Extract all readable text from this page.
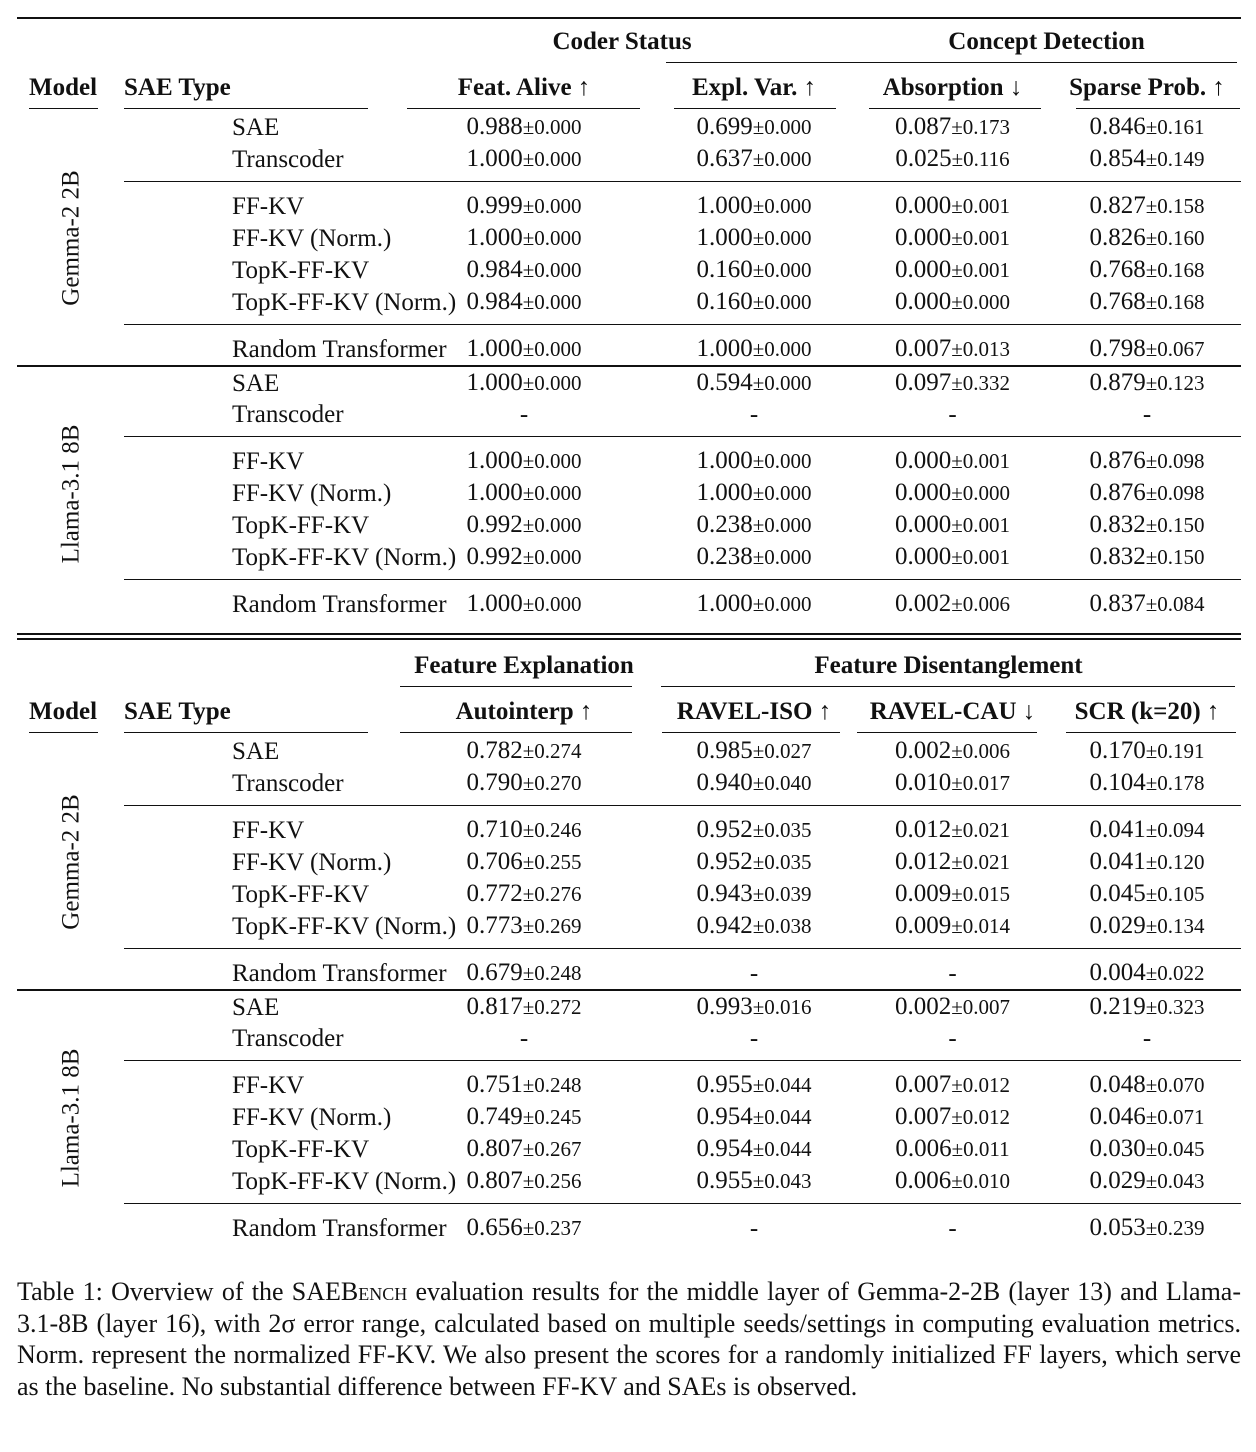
		Coder Status		Concept Detection	

Model	SAE Type	Feat. Alive ↑	Expl. Var. ↑	Absorption ↓	Sparse Prob. ↑

Gemma-2 2B	SAE	0.988±0.000	0.699±0.000	0.087±0.173	0.846±0.161
	Transcoder	1.000±0.000	0.637±0.000	0.025±0.116	0.854±0.149
	FF-KV	0.999±0.000	1.000±0.000	0.000±0.001	0.827±0.158
	FF-KV (Norm.)	1.000±0.000	1.000±0.000	0.000±0.001	0.826±0.160
	TopK-FF-KV	0.984±0.000	0.160±0.000	0.000±0.001	0.768±0.168
	TopK-FF-KV (Norm.)	0.984±0.000	0.160±0.000	0.000±0.000	0.768±0.168
	Random Transformer	1.000±0.000	1.000±0.000	0.007±0.013	0.798±0.067

Llama-3.1 8B	SAE	1.000±0.000	0.594±0.000	0.097±0.332	0.879±0.123
	Transcoder	-	-	-	-
	FF-KV	1.000±0.000	1.000±0.000	0.000±0.001	0.876±0.098
	FF-KV (Norm.)	1.000±0.000	1.000±0.000	0.000±0.000	0.876±0.098
	TopK-FF-KV	0.992±0.000	0.238±0.000	0.000±0.001	0.832±0.150
	TopK-FF-KV (Norm.)	0.992±0.000	0.238±0.000	0.000±0.001	0.832±0.150
	Random Transformer	1.000±0.000	1.000±0.000	0.002±0.006	0.837±0.084
		Feature Explanation	Feature Disentanglement		

Model	SAE Type	Autointerp ↑	RAVEL-ISO ↑	RAVEL-CAU ↓	SCR (k=20) ↑

Gemma-2 2B	SAE	0.782±0.274	0.985±0.027	0.002±0.006	0.170±0.191
	Transcoder	0.790±0.270	0.940±0.040	0.010±0.017	0.104±0.178
	FF-KV	0.710±0.246	0.952±0.035	0.012±0.021	0.041±0.094
	FF-KV (Norm.)	0.706±0.255	0.952±0.035	0.012±0.021	0.041±0.120
	TopK-FF-KV	0.772±0.276	0.943±0.039	0.009±0.015	0.045±0.105
	TopK-FF-KV (Norm.)	0.773±0.269	0.942±0.038	0.009±0.014	0.029±0.134
	Random Transformer	0.679±0.248	-	-	0.004±0.022

Llama-3.1 8B	SAE	0.817±0.272	0.993±0.016	0.002±0.007	0.219±0.323
	Transcoder	-	-	-	-
	FF-KV	0.751±0.248	0.955±0.044	0.007±0.012	0.048±0.070
	FF-KV (Norm.)	0.749±0.245	0.954±0.044	0.007±0.012	0.046±0.071
	TopK-FF-KV	0.807±0.267	0.954±0.044	0.006±0.011	0.030±0.045
	TopK-FF-KV (Norm.)	0.807±0.256	0.955±0.043	0.006±0.010	0.029±0.043
	Random Transformer	0.656±0.237	-	-	0.053±0.239
Table 1: Overview of the SAEBench evaluation results for the middle layer of Gemma-2-2B (layer 13) and Llama-3.1-8B (layer 16), with 2σ error range, calculated based on multiple seeds/settings in computing evaluation metrics. Norm. represent the normalized FF-KV. We also present the scores for a randomly initialized FF layers, which serve as the baseline. No substantial difference between FF-KV and SAEs is observed.
